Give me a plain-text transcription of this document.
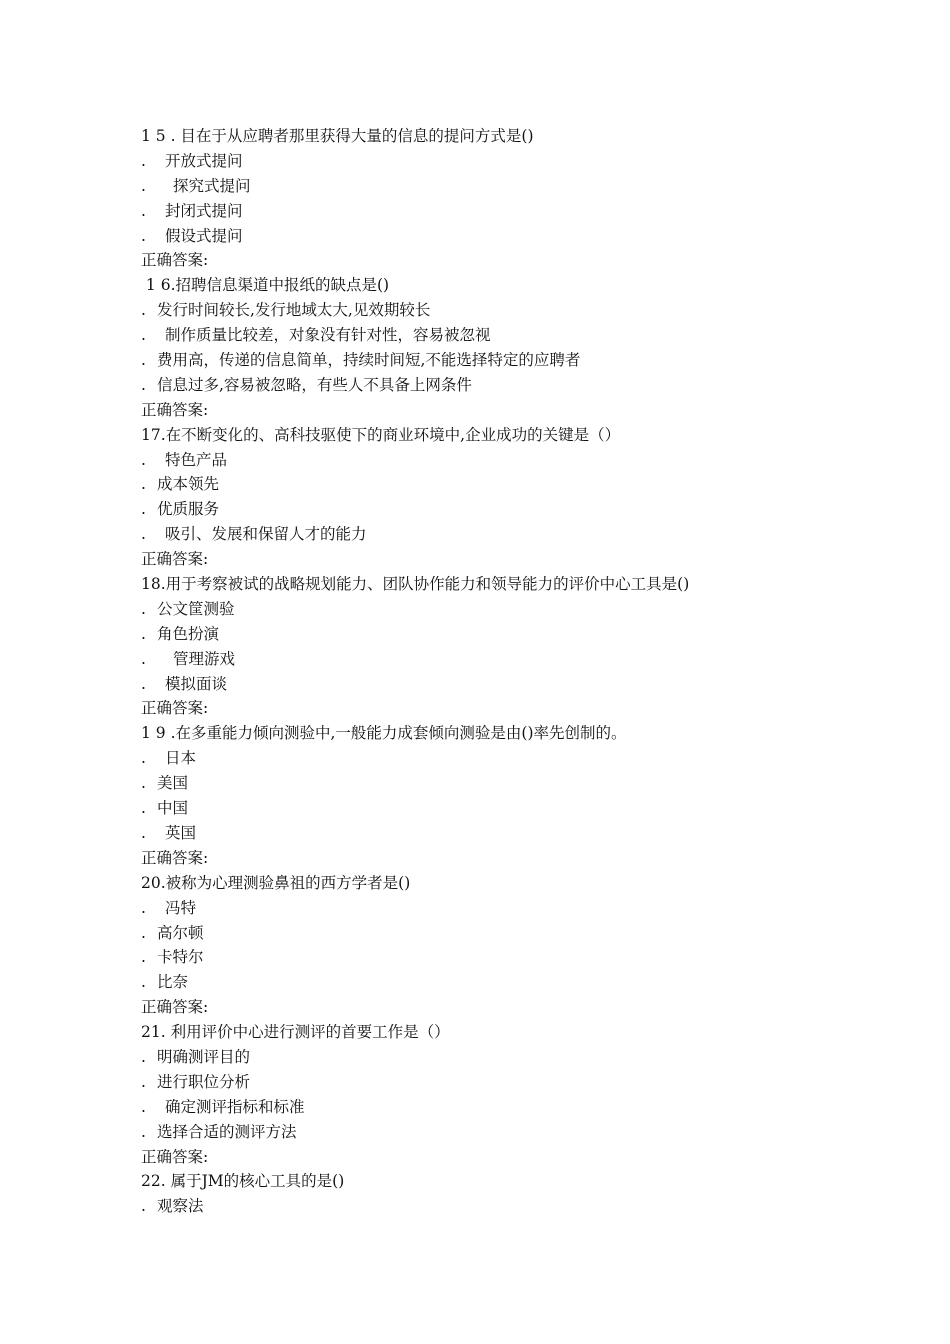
1 5 . 目在于从应聘者那里获得大量的信息的提问方式是()
. 开放式提问
. 探究式提问
. 封闭式提问
. 假设式提问
正确答案:
1 6.招聘信息渠道中报纸的缺点是()
. 发行时间较长,发行地域太大,见效期较长
. 制作质量比较差，对象没有针对性，容易被忽视
. 费用高，传递的信息简单，持续时间短,不能选择特定的应聘者
. 信息过多,容易被忽略，有些人不具备上网条件
正确答案:
17.在不断变化的、高科技驱使下的商业环境中,企业成功的关键是（）
. 特色产品
. 成本领先
. 优质服务
. 吸引、发展和保留人才的能力
正确答案:
18.用于考察被试的战略规划能力、团队协作能力和领导能力的评价中心工具是()
. 公文筐测验
. 角色扮演
. 管理游戏
. 模拟面谈
正确答案:
1 9 .在多重能力倾向测验中,一般能力成套倾向测验是由()率先创制的。
. 日本
. 美国
. 中国
. 英国
正确答案:
20.被称为心理测验鼻祖的西方学者是()
. 冯特
. 高尔顿
. 卡特尔
. 比奈
正确答案:
21. 利用评价中心进行测评的首要工作是（）
. 明确测评目的
. 进行职位分析
. 确定测评指标和标准
. 选择合适的测评方法
正确答案:
22. 属于JM的核心工具的是()
. 观察法
